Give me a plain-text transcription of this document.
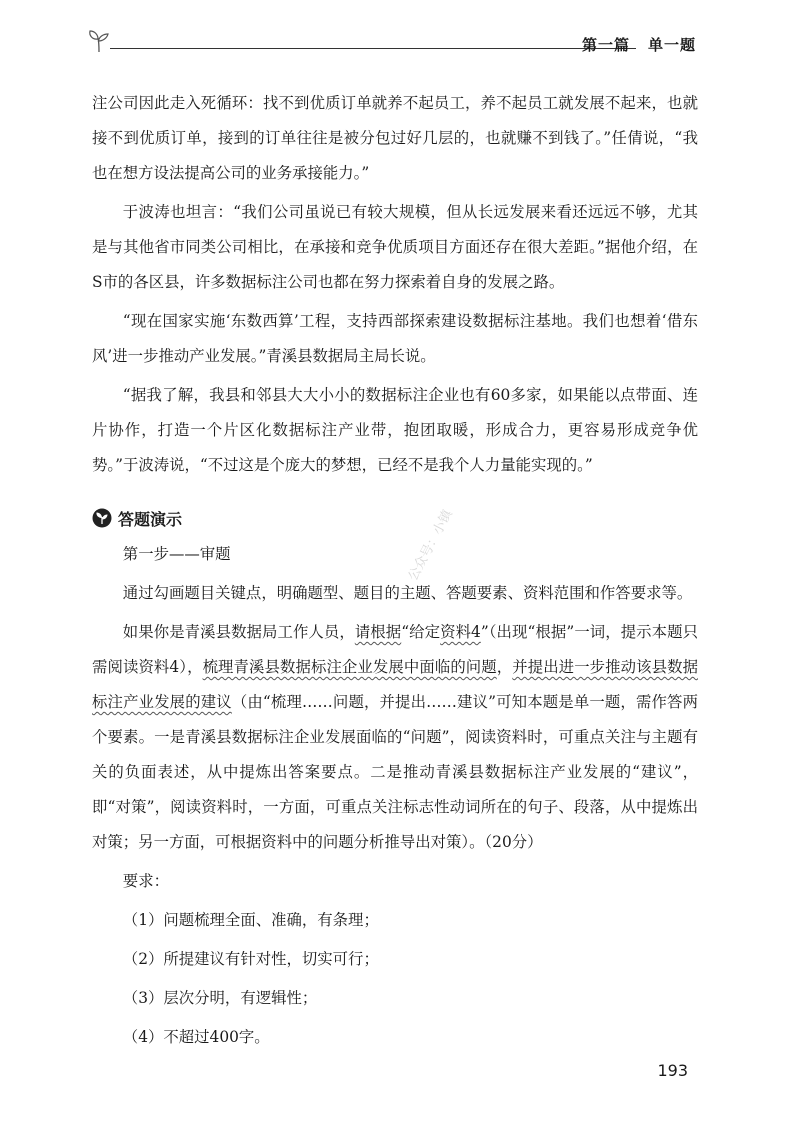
第一篇 单一题

注公司因此走入死循环：找不到优质订单就养不起员工，养不起员工就发展不起来，也就接不到优质订单，接到的订单往往是被分包过好几层的，也就赚不到钱了。”任倩说，“我也在想方设法提高公司的业务承接能力。”

于波涛也坦言：“我们公司虽说已有较大规模，但从长远发展来看还远远不够，尤其是与其他省市同类公司相比，在承接和竞争优质项目方面还存在很大差距。”据他介绍，在S市的各区县，许多数据标注公司也都在努力探索着自身的发展之路。

“现在国家实施‘东数西算’工程，支持西部探索建设数据标注基地。我们也想着‘借东风’进一步推动产业发展。”青溪县数据局主局长说。

“据我了解，我县和邻县大大小小的数据标注企业也有60多家，如果能以点带面、连片协作，打造一个片区化数据标注产业带，抱团取暖，形成合力，更容易形成竞争优势。”于波涛说，“不过这是个庞大的梦想，已经不是我个人力量能实现的。”

答题演示

第一步——审题

通过勾画题目关键点，明确题型、题目的主题、答题要素、资料范围和作答要求等。

如果你是青溪县数据局工作人员，请根据“给定资料4”（出现“根据”一词，提示本题只需阅读资料4），梳理青溪县数据标注企业发展中面临的问题，并提出进一步推动该县数据标注产业发展的建议（由“梳理……问题，并提出……建议”可知本题是单一题，需作答两个要素。一是青溪县数据标注企业发展面临的“问题”，阅读资料时，可重点关注与主题有关的负面表述，从中提炼出答案要点。二是推动青溪县数据标注产业发展的“建议”，即“对策”，阅读资料时，一方面，可重点关注标志性动词所在的句子、段落，从中提炼出对策；另一方面，可根据资料中的问题分析推导出对策）。（20分）

要求：

（1）问题梳理全面、准确，有条理；

（2）所提建议有针对性，切实可行；

（3）层次分明，有逻辑性；

（4）不超过400字。

公众号：小镇
193
